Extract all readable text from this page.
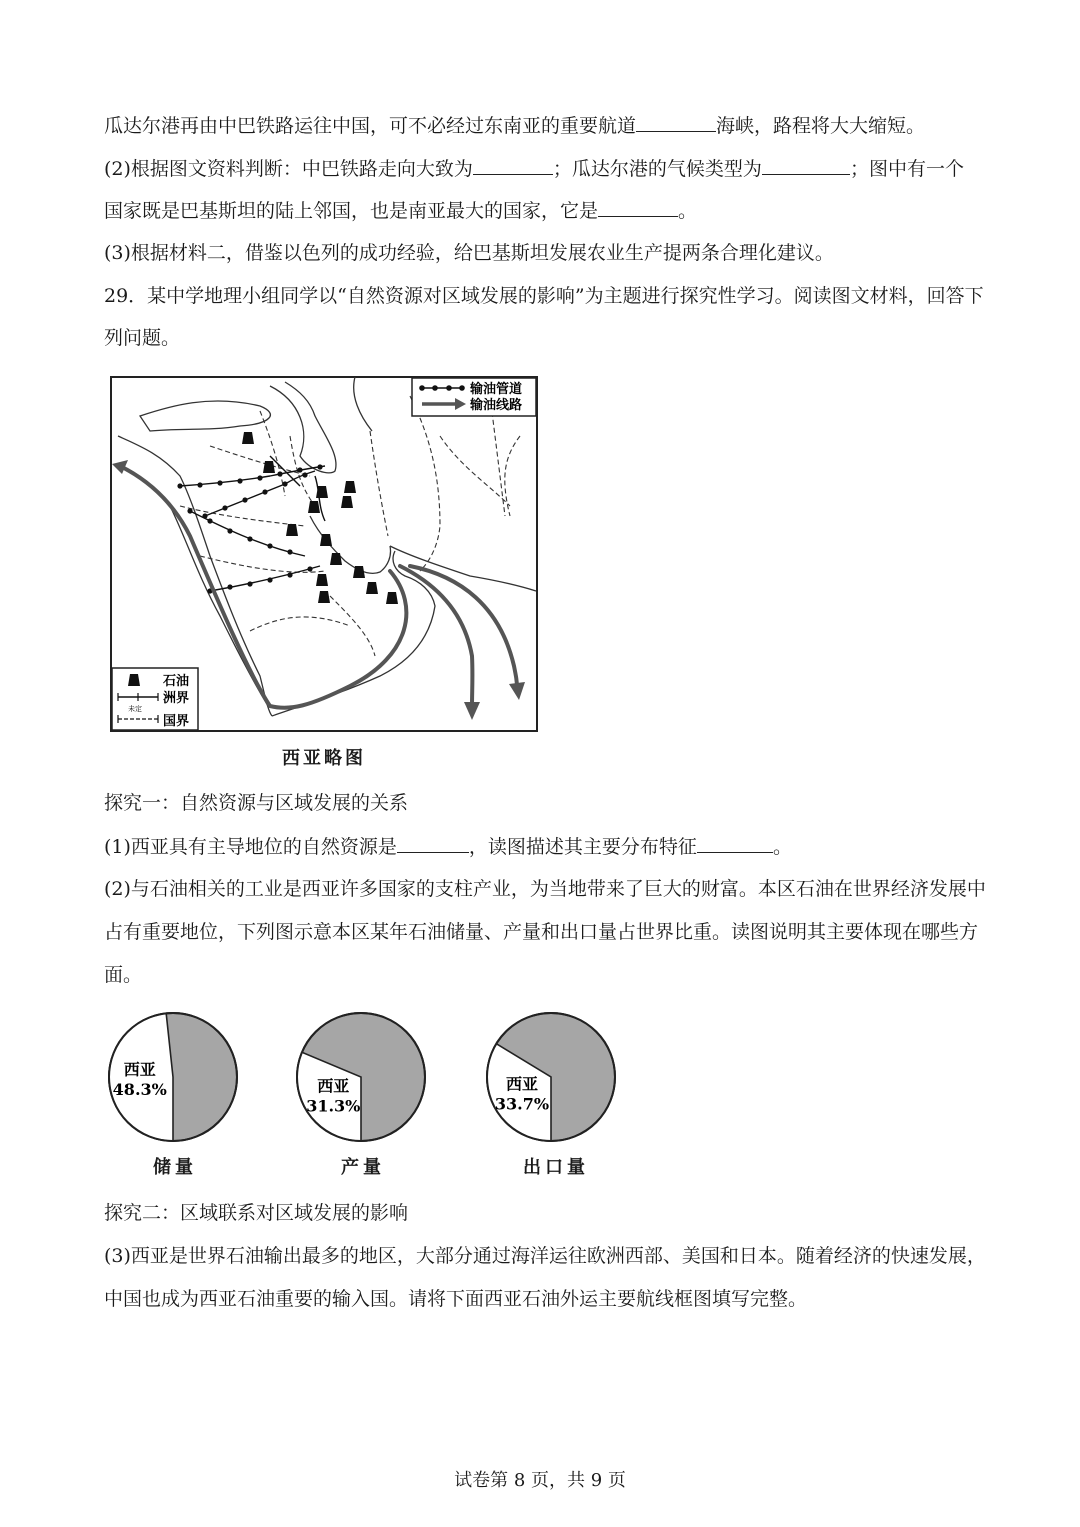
瓜达尔港再由中巴铁路运往中国，可不必经过东南亚的重要航道	海峡，路程将大大缩短。
(2)根据图文资料判断：中巴铁路走向大致为	；瓜达尔港的气候类型为	；图中有一个
国家既是巴基斯坦的陆上邻国，也是南亚最大的国家，它是	。
(3)根据材料二，借鉴以色列的成功经验，给巴基斯坦发展农业生产提两条合理化建议。
29．某中学地理小组同学以“自然资源对区域发展的影响”为主题进行探究性学习。阅读图文材料，回答下
列问题。
输油管道
输油线路
石油
洲界
未定
国界
西亚略图
探究一：自然资源与区域发展的关系
(1)西亚具有主导地位的自然资源是	，读图描述其主要分布特征	。
(2)与石油相关的工业是西亚许多国家的支柱产业，为当地带来了巨大的财富。本区石油在世界经济发展中
占有重要地位，下列图示意本区某年石油储量、产量和出口量占世界比重。读图说明其主要体现在哪些方
面。
西亚
48.3%	西亚
31.3%
西亚
33.7%
储量	产量	出口量
探究二：区域联系对区域发展的影响
(3)西亚是世界石油输出最多的地区，大部分通过海洋运往欧洲西部、美国和日本。随着经济的快速发展，
中国也成为西亚石油重要的输入国。请将下面西亚石油外运主要航线框图填写完整。
试卷第 8 页，共 9 页
